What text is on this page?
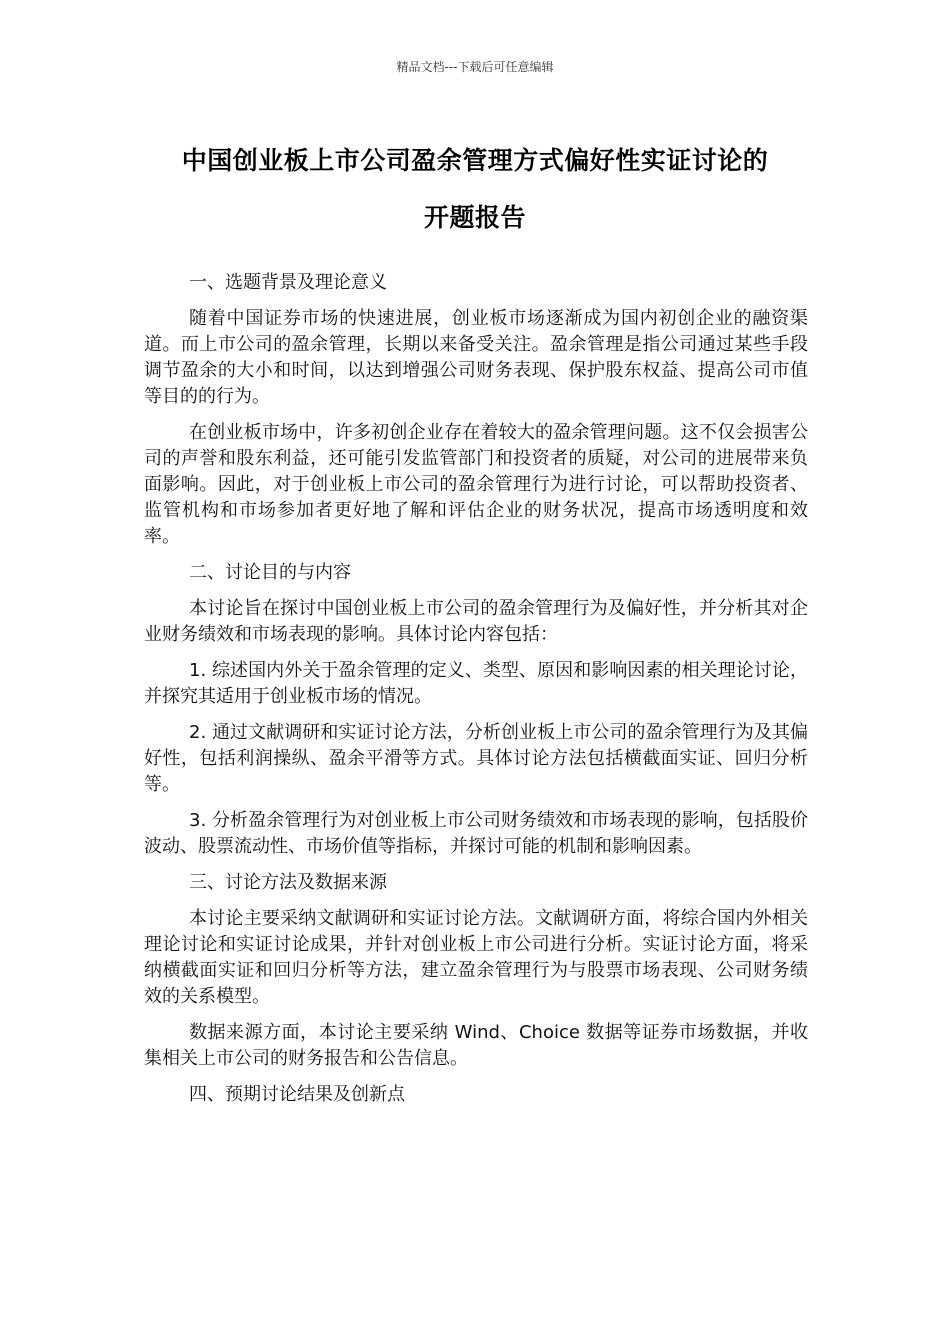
精品文档---下载后可任意编辑
中国创业板上市公司盈余管理方式偏好性实证讨论的
开题报告
一、选题背景及理论意义

随着中国证券市场的快速进展，创业板市场逐渐成为国内初创企业的融资渠道。而上市公司的盈余管理，长期以来备受关注。盈余管理是指公司通过某些手段调节盈余的大小和时间，以达到增强公司财务表现、保护股东权益、提高公司市值等目的的行为。

在创业板市场中，许多初创企业存在着较大的盈余管理问题。这不仅会损害公司的声誉和股东利益，还可能引发监管部门和投资者的质疑，对公司的进展带来负面影响。因此，对于创业板上市公司的盈余管理行为进行讨论，可以帮助投资者、监管机构和市场参加者更好地了解和评估企业的财务状况，提高市场透明度和效率。

二、讨论目的与内容

本讨论旨在探讨中国创业板上市公司的盈余管理行为及偏好性，并分析其对企业财务绩效和市场表现的影响。具体讨论内容包括：

1. 综述国内外关于盈余管理的定义、类型、原因和影响因素的相关理论讨论，并探究其适用于创业板市场的情况。

2. 通过文献调研和实证讨论方法，分析创业板上市公司的盈余管理行为及其偏好性，包括利润操纵、盈余平滑等方式。具体讨论方法包括横截面实证、回归分析等。

3. 分析盈余管理行为对创业板上市公司财务绩效和市场表现的影响，包括股价波动、股票流动性、市场价值等指标，并探讨可能的机制和影响因素。

三、讨论方法及数据来源

本讨论主要采纳文献调研和实证讨论方法。文献调研方面，将综合国内外相关理论讨论和实证讨论成果，并针对创业板上市公司进行分析。实证讨论方面，将采纳横截面实证和回归分析等方法，建立盈余管理行为与股票市场表现、公司财务绩效的关系模型。

数据来源方面，本讨论主要采纳 Wind、Choice 数据等证券市场数据，并收集相关上市公司的财务报告和公告信息。

四、预期讨论结果及创新点
